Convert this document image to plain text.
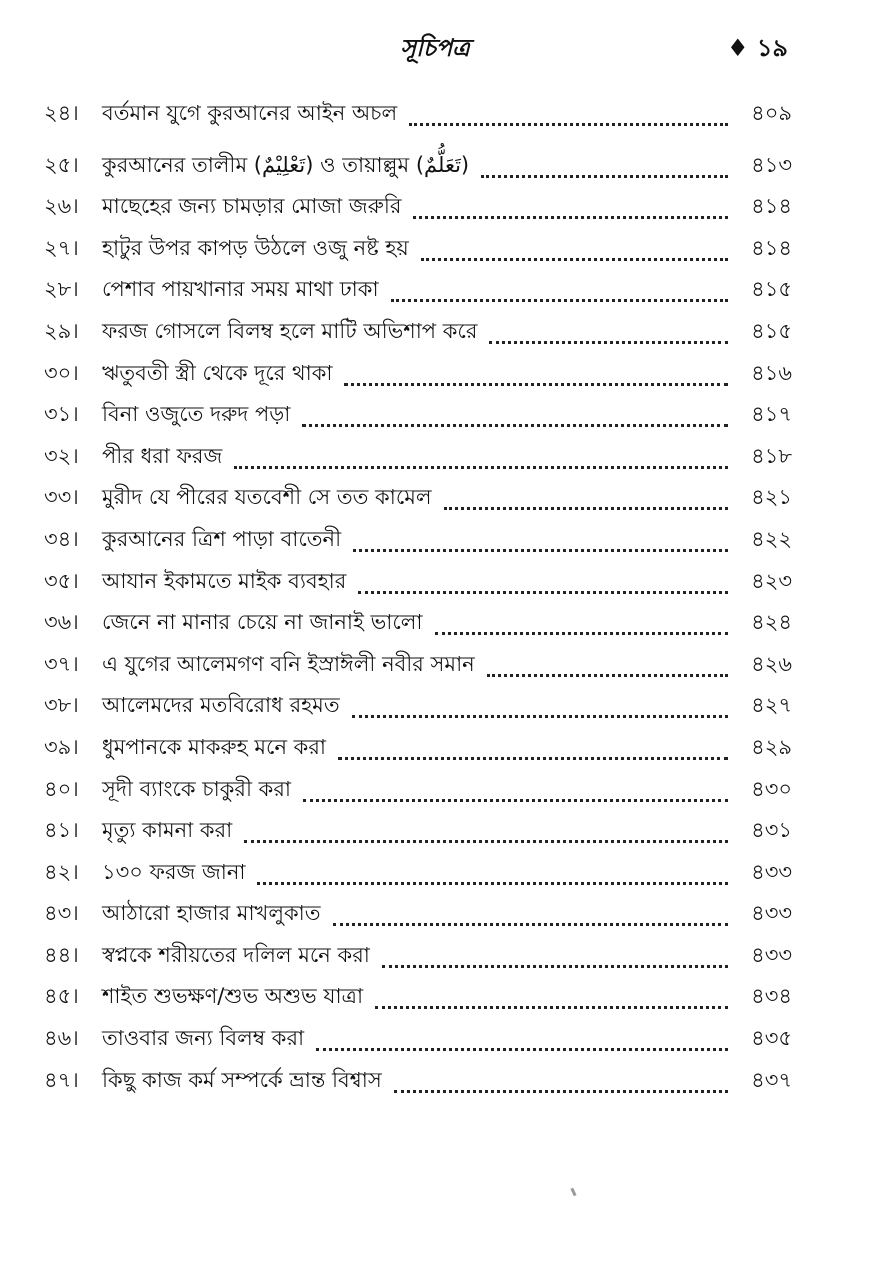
সূচিপত্র	♦ ১৯
২৪।	বর্তমান যুগে কুরআনের আইন অচল	৪০৯
২৫।	কুরআনের তালীম (تَعْلِيْمٌ) ও তায়াল্লুম (تَعَلُّمٌ)	৪১৩
২৬।	মাছেহের জন্য চামড়ার মোজা জরুরি	৪১৪
২৭।	হাটুর উপর কাপড় উঠলে ওজু নষ্ট হয়	৪১৪
২৮।	পেশাব পায়খানার সময় মাথা ঢাকা	৪১৫
২৯।	ফরজ গোসলে বিলম্ব হলে মাটি অভিশাপ করে	৪১৫
৩০।	ঋতুবতী স্ত্রী থেকে দূরে থাকা	৪১৬
৩১।	বিনা ওজুতে দরুদ পড়া	৪১৭
৩২।	পীর ধরা ফরজ	৪১৮
৩৩।	মুরীদ যে পীরের যতবেশী সে তত কামেল	৪২১
৩৪।	কুরআনের ত্রিশ পাড়া বাতেনী	৪২২
৩৫।	আযান ইকামতে মাইক ব্যবহার	৪২৩
৩৬।	জেনে না মানার চেয়ে না জানাই ভালো	৪২৪
৩৭।	এ যুগের আলেমগণ বনি ইস্রাঈলী নবীর সমান	৪২৬
৩৮।	আলেমদের মতবিরোধ রহমত	৪২৭
৩৯।	ধুমপানকে মাকরুহ মনে করা	৪২৯
৪০।	সূদী ব্যাংকে চাকুরী করা	৪৩০
৪১।	মৃত্যু কামনা করা	৪৩১
৪২।	১৩০ ফরজ জানা	৪৩৩
৪৩।	আঠারো হাজার মাখলুকাত	৪৩৩
৪৪।	স্বপ্নকে শরীয়তের দলিল মনে করা	৪৩৩
৪৫।	শাইত শুভক্ষণ/শুভ অশুভ যাত্রা	৪৩৪
৪৬।	তাওবার জন্য বিলম্ব করা	৪৩৫
৪৭।	কিছু কাজ কর্ম সম্পর্কে ভ্রান্ত বিশ্বাস	৪৩৭
